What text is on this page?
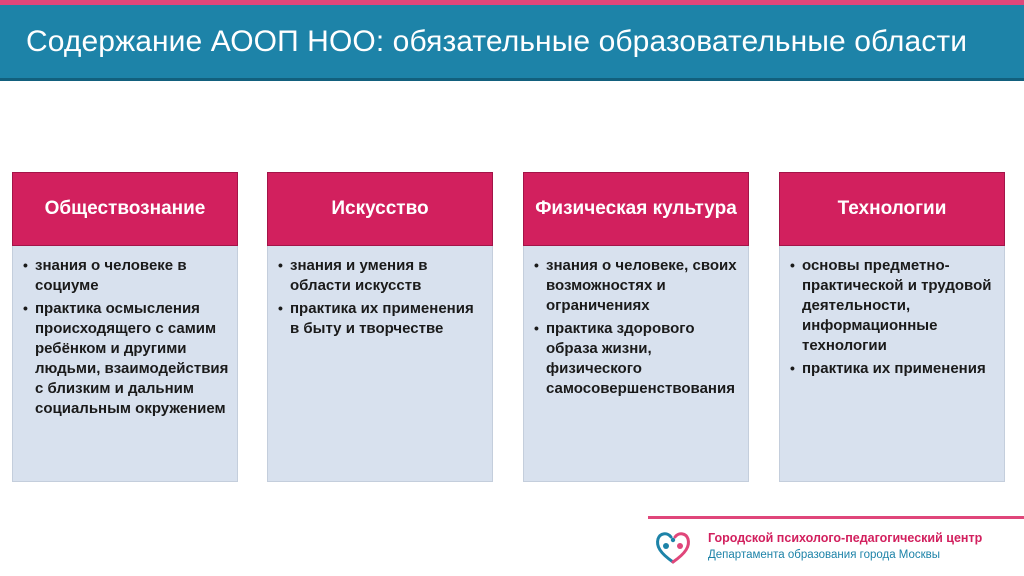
Содержание АООП НОО: обязательные образовательные области
Обществознание
• знания о человеке в социуме
• практика осмысления происходящего с самим ребёнком и другими людьми, взаимодействия с близким и дальним социальным окружением
Искусство
• знания и умения в области искусств
• практика их применения в быту и творчестве
Физическая культура
• знания о человеке, своих возможностях и ограничениях
• практика здорового образа жизни, физического самосовершенствования
Технологии
• основы предметно-практической и трудовой деятельности, информационные технологии
• практика их применения
Городской психолого-педагогический центр
Департамента образования города Москвы
